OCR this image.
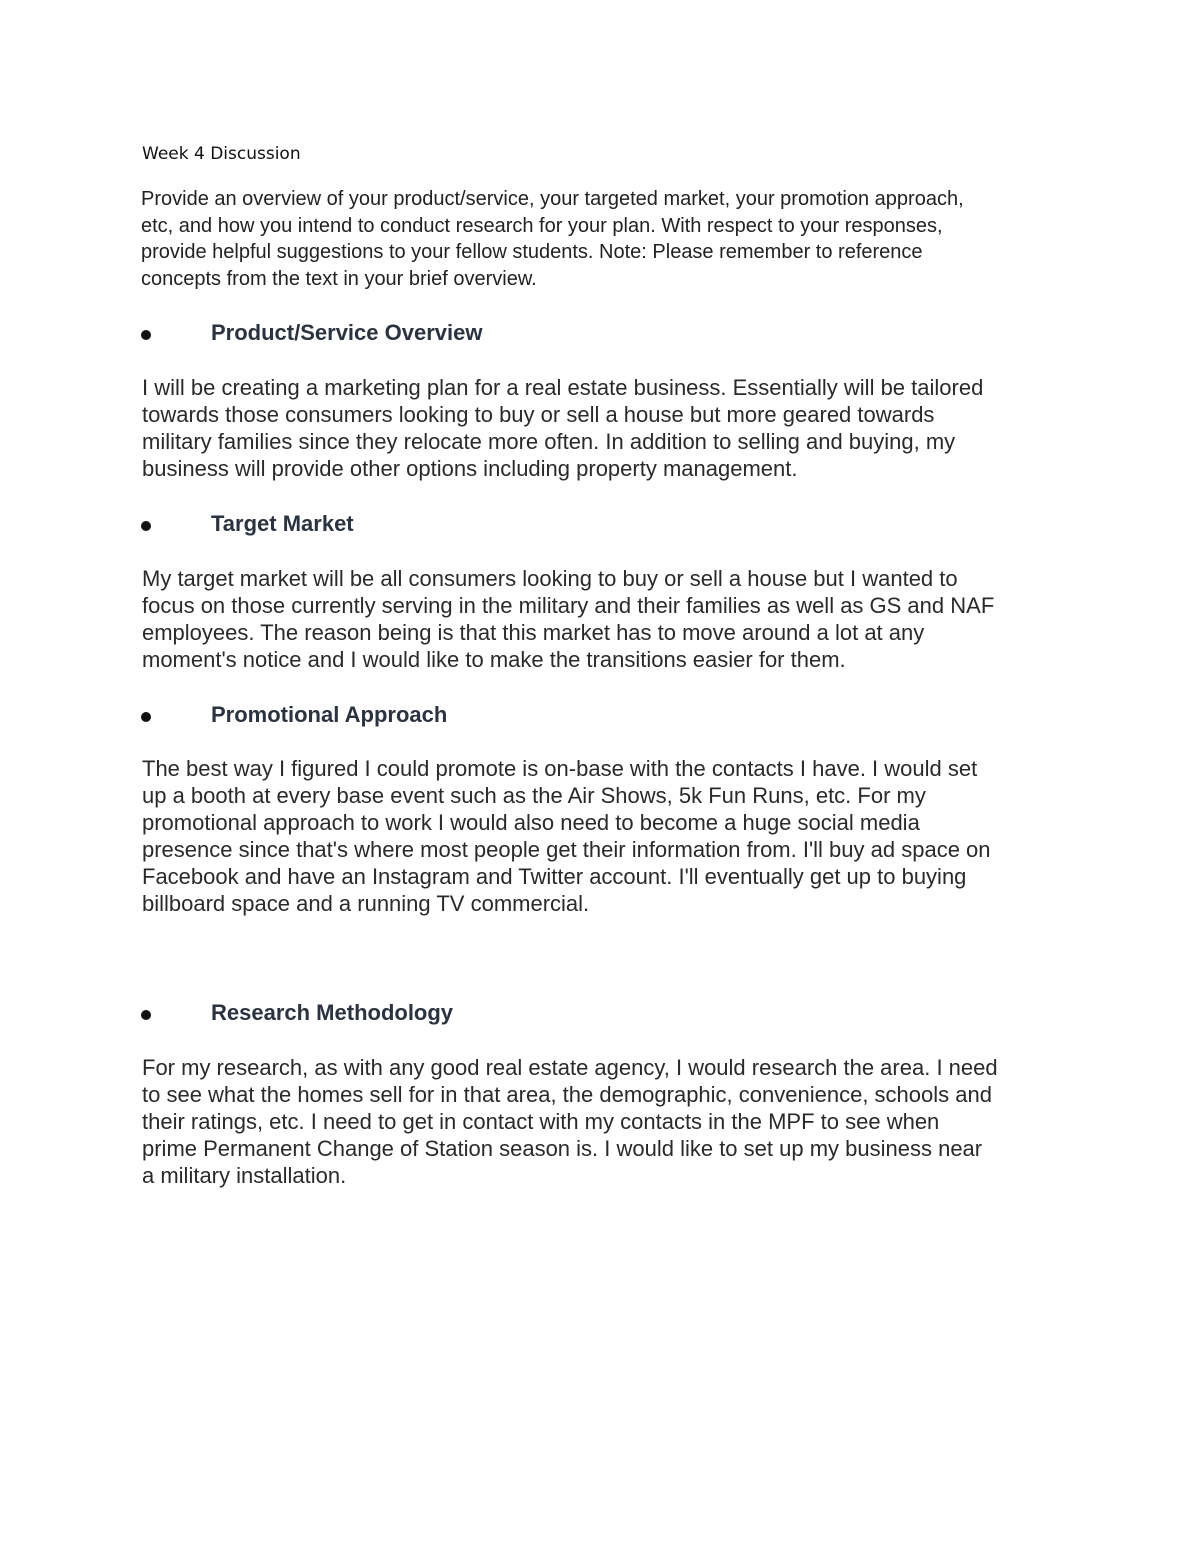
Week 4 Discussion
Provide an overview of your product/service, your targeted market, your promotion approach,
etc, and how you intend to conduct research for your plan. With respect to your responses,
provide helpful suggestions to your fellow students. Note: Please remember to reference
concepts from the text in your brief overview.
Product/Service Overview
I will be creating a marketing plan for a real estate business. Essentially will be tailored
towards those consumers looking to buy or sell a house but more geared towards
military families since they relocate more often. In addition to selling and buying, my
business will provide other options including property management.
Target Market
My target market will be all consumers looking to buy or sell a house but I wanted to
focus on those currently serving in the military and their families as well as GS and NAF
employees. The reason being is that this market has to move around a lot at any
moment's notice and I would like to make the transitions easier for them.
Promotional Approach
The best way I figured I could promote is on-base with the contacts I have. I would set
up a booth at every base event such as the Air Shows, 5k Fun Runs, etc. For my
promotional approach to work I would also need to become a huge social media
presence since that's where most people get their information from. I'll buy ad space on
Facebook and have an Instagram and Twitter account. I'll eventually get up to buying
billboard space and a running TV commercial.
Research Methodology
For my research, as with any good real estate agency, I would research the area. I need
to see what the homes sell for in that area, the demographic, convenience, schools and
their ratings, etc. I need to get in contact with my contacts in the MPF to see when
prime Permanent Change of Station season is. I would like to set up my business near
a military installation.
